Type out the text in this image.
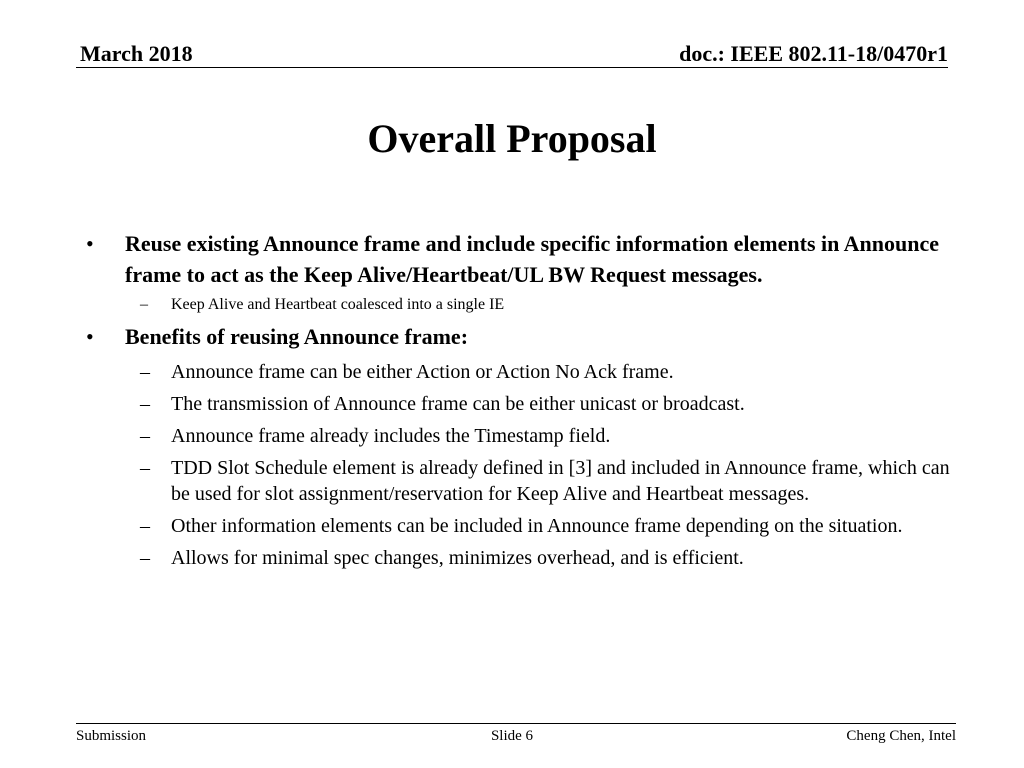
March 2018	doc.: IEEE 802.11-18/0470r1
Overall Proposal
• Reuse existing Announce frame and include specific information elements in Announce frame to act as the Keep Alive/Heartbeat/UL BW Request messages.
– Keep Alive and Heartbeat coalesced into a single IE
• Benefits of reusing Announce frame:
– Announce frame can be either Action or Action No Ack frame.
– The transmission of Announce frame can be either unicast or broadcast.
– Announce frame already includes the Timestamp field.
– TDD Slot Schedule element is already defined in [3] and included in Announce frame, which can be used for slot assignment/reservation for Keep Alive and Heartbeat messages.
– Other information elements can be included in Announce frame depending on the situation.
– Allows for minimal spec changes, minimizes overhead, and is efficient.
Submission	Slide 6	Cheng Chen, Intel
